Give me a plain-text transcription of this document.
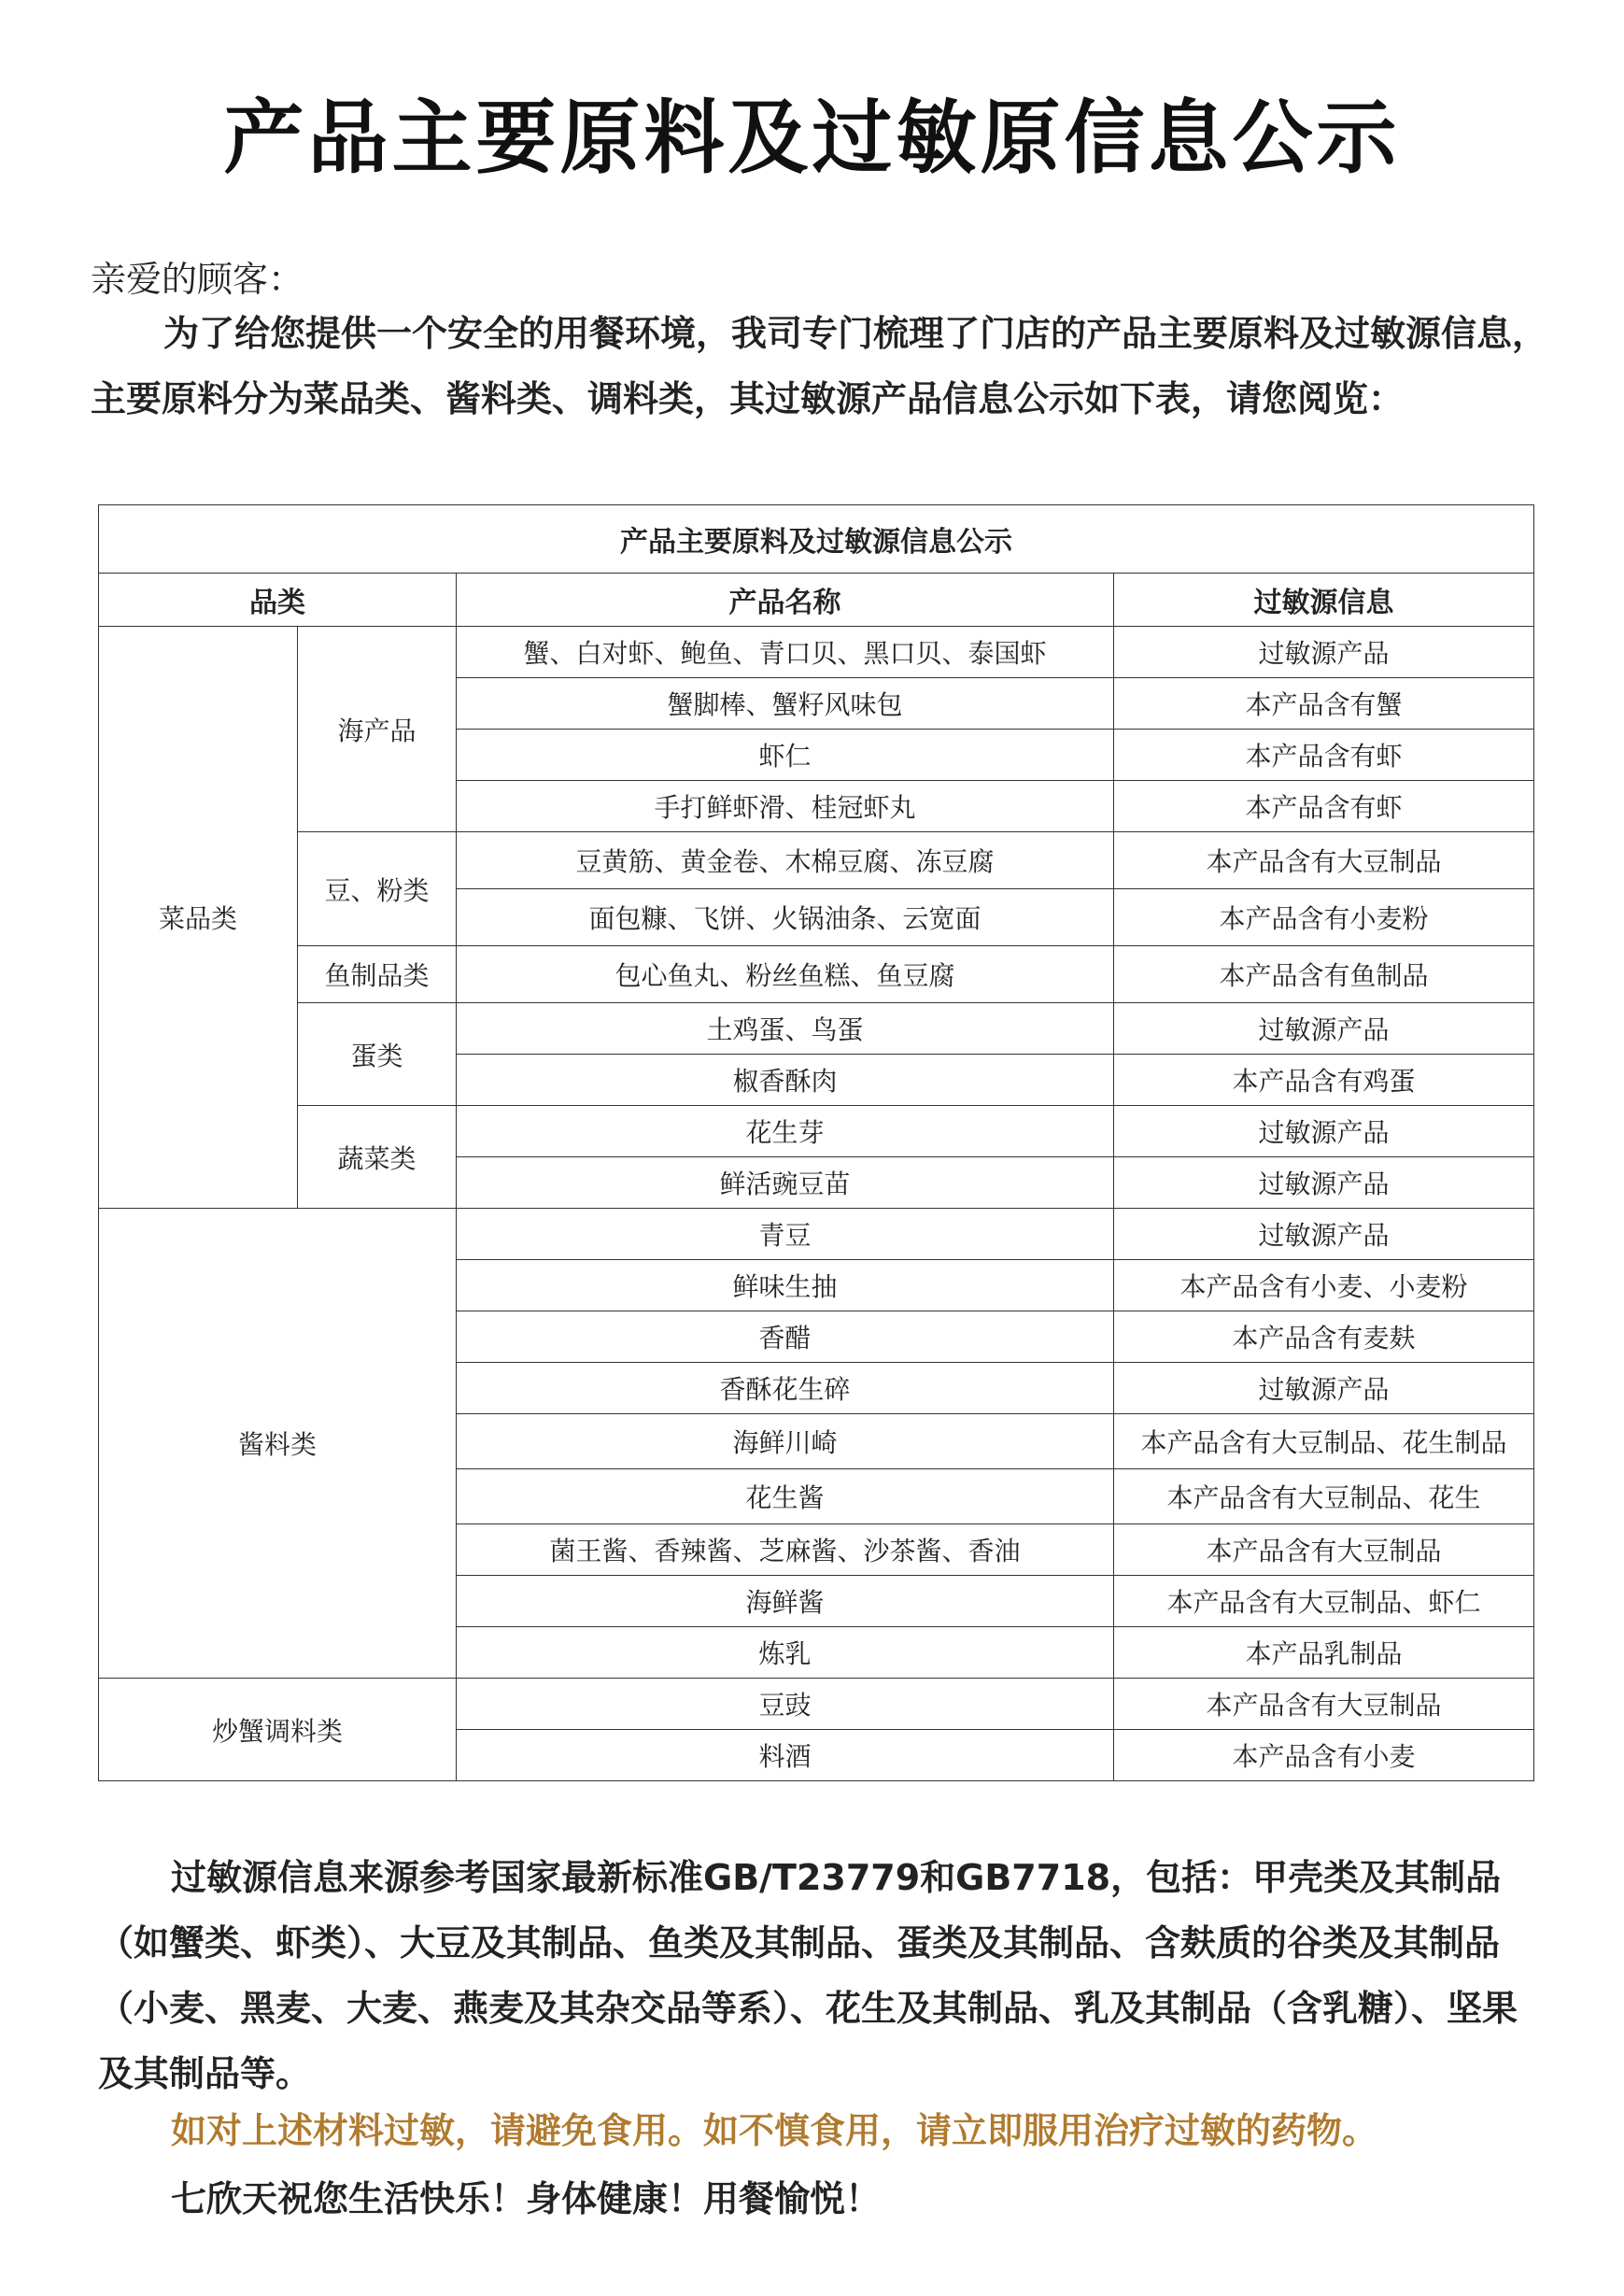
产品主要原料及过敏原信息公示
亲爱的顾客：
为了给您提供一个安全的用餐环境，我司专门梳理了门店的产品主要原料及过敏源信息，主要原料分为菜品类、酱料类、调料类，其过敏源产品信息公示如下表，请您阅览：
产品主要原料及过敏源信息公示			
品类		产品名称	过敏源信息
菜品类	海产品	蟹、白对虾、鲍鱼、青口贝、黑口贝、泰国虾	过敏源产品
		蟹脚棒、蟹籽风味包	本产品含有蟹
		虾仁	本产品含有虾
		手打鲜虾滑、桂冠虾丸	本产品含有虾
	豆、粉类	豆黄筋、黄金卷、木棉豆腐、冻豆腐	本产品含有大豆制品
		面包糠、飞饼、火锅油条、云宽面	本产品含有小麦粉
	鱼制品类	包心鱼丸、粉丝鱼糕、鱼豆腐	本产品含有鱼制品
	蛋类	土鸡蛋、鸟蛋	过敏源产品
		椒香酥肉	本产品含有鸡蛋
	蔬菜类	花生芽	过敏源产品
		鲜活豌豆苗	过敏源产品
酱料类		青豆	过敏源产品
		鲜味生抽	本产品含有小麦、小麦粉
		香醋	本产品含有麦麸
		香酥花生碎	过敏源产品
		海鲜川崎	本产品含有大豆制品、花生制品
		花生酱	本产品含有大豆制品、花生
		菌王酱、香辣酱、芝麻酱、沙茶酱、香油	本产品含有大豆制品
		海鲜酱	本产品含有大豆制品、虾仁
		炼乳	本产品乳制品
炒蟹调料类		豆豉	本产品含有大豆制品
		料酒	本产品含有小麦
过敏源信息来源参考国家最新标准GB/T23779和GB7718，包括：甲壳类及其制品（如蟹类、虾类）、大豆及其制品、鱼类及其制品、蛋类及其制品、含麸质的谷类及其制品（小麦、黑麦、大麦、燕麦及其杂交品等系）、花生及其制品、乳及其制品（含乳糖）、坚果及其制品等。
如对上述材料过敏，请避免食用。如不慎食用，请立即服用治疗过敏的药物。
七欣天祝您生活快乐！身体健康！用餐愉悦！
